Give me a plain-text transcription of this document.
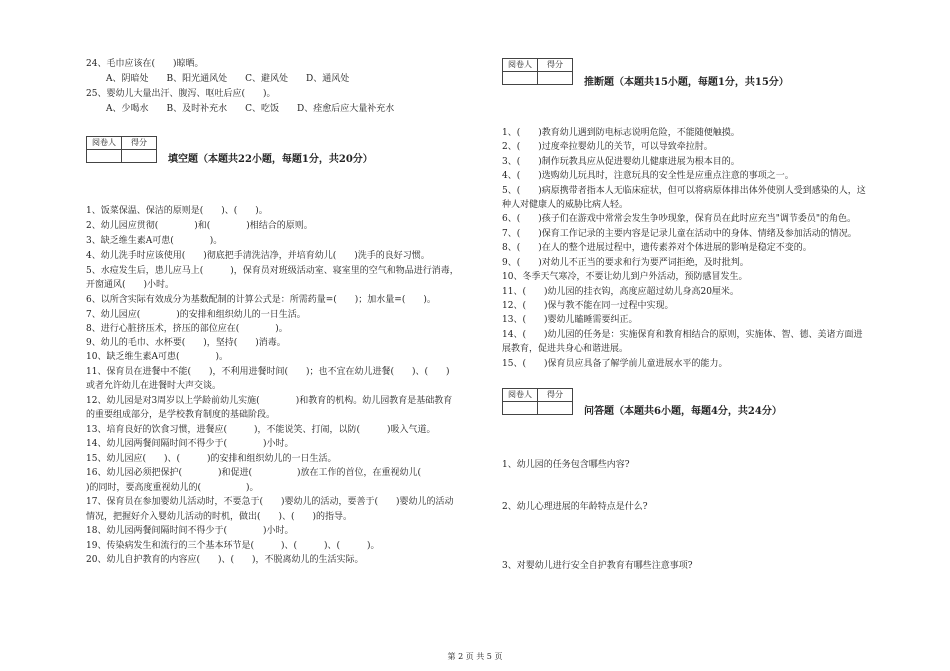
24、毛巾应该在(　　)晾晒。
A、阴暗处　　B、阳光通风处　　C、避风处　　D、通风处
25、婴幼儿大量出汗、腹泻、呕吐后应(　　)。
A、少喝水　　B、及时补充水　　C、吃饭　　D、痊愈后应大量补充水
阅卷人	得分
填空题（本题共22小题，每题1分，共20分）
1、饭菜保温、保洁的原则是(　　)、(　　)。
2、幼儿园应贯彻(　　　　)和(　　　　)相结合的原则。
3、缺乏维生素A可患(　　　　)。
4、幼儿洗手时应该使用(　　)彻底把手清洗洁净，并培育幼儿(　　)洗手的良好习惯。
5、水痘发生后，患儿应马上(　　　)，保育员对班级活动室、寝室里的空气和物品进行消毒，
开窗通风(　　)小时。
6、以所含实际有效成分为基数配制的计算公式是：所需药量=(　　)；加水量=(　　)。
7、幼儿园应(　　　　)的安排和组织幼儿的一日生活。
8、进行心脏挤压术，挤压的部位应在(　　　　)。
9、幼儿的毛巾、水杯要(　　)，坚持(　　)消毒。
10、缺乏维生素A可患(　　　　)。
11、保育员在进餐中不能(　　)，不利用进餐时间(　　)；也不宜在幼儿进餐(　　)、(　　)
或者允许幼儿在进餐时大声交谈。
12、幼儿园是对3周岁以上学龄前幼儿实施(　　　　)和教育的机构。幼儿园教育是基础教育
的重要组成部分，是学校教育制度的基础阶段。
13、培育良好的饮食习惯，进餐应(　　　)，不能说笑、打闹，以防(　　　)吸入气道。
14、幼儿园两餐间隔时间不得少于(　　　　)小时。
15、幼儿园应(　　)、(　　　)的安排和组织幼儿的一日生活。
16、幼儿园必须把保护(　　　　)和促进(　　　　　)放在工作的首位，在重视幼儿(　　　
)的同时，要高度重视幼儿的(　　　　　)。
17、保育员在参加婴幼儿活动时，不要急于(　　)婴幼儿的活动，要善于(　　)婴幼儿的活动
情况，把握好介入婴幼儿活动的时机，做出(　　)、(　　)的指导。
18、幼儿园两餐间隔时间不得少于(　　　　)小时。
19、传染病发生和流行的三个基本环节是(　　　)、(　　　)、(　　　)。
20、幼儿自护教育的内容应(　　)、(　　)，不脱离幼儿的生活实际。
阅卷人	得分
推断题（本题共15小题，每题1分，共15分）
1、(　　)教育幼儿遇到防电标志说明危险，不能随便触摸。
2、(　　)过度牵拉婴幼儿的关节，可以导致牵拉肘。
3、(　　)制作玩教具应从促进婴幼儿健康进展为根本目的。
4、(　　)选购幼儿玩具时，注意玩具的安全性是应重点注意的事项之一。
5、(　　)病原携带者指本人无临床症状，但可以将病原体排出体外使别人受到感染的人，这
种人对健康人的威胁比病人轻。
6、(　　)孩子们在游戏中常常会发生争吵现象，保育员在此时应充当"调节委员"的角色。
7、(　　)保育工作记录的主要内容是记录儿童在活动中的身体、情绪及参加活动的情况。
8、(　　)在人的整个进展过程中，遗传素养对个体进展的影响是稳定不变的。
9、(　　)对幼儿不正当的要求和行为要严词拒绝，及时批判。
10、冬季天气寒冷，不要让幼儿到户外活动，预防感冒发生。
11、(　　)幼儿园的挂衣钩，高度应超过幼儿身高20厘米。
12、(　　)保与教不能在同一过程中实现。
13、(　　)婴幼儿瞌睡需要纠正。
14、(　　)幼儿园的任务是：实施保育和教育相结合的原则，实施体、智、德、美诸方面进
展教育，促进共身心和谐进展。
15、(　　)保育员应具备了解学前儿童进展水平的能力。
阅卷人	得分
问答题（本题共6小题，每题4分，共24分）
1、幼儿园的任务包含哪些内容?
2、幼儿心理进展的年龄特点是什么?
3、对婴幼儿进行安全自护教育有哪些注意事项?
第 2 页 共 5 页
